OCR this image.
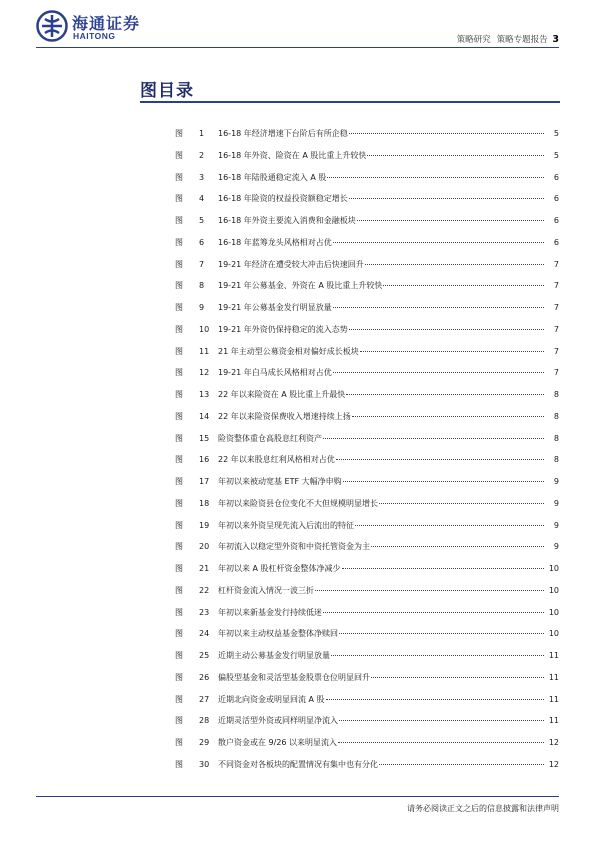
海通证券
HAITONG	策略研究 策略专题报告 3
图目录
图	1	16-18 年经济增速下台阶后有所企稳	5
图	2	16-18 年外资、险资在 A 股比重上升较快	5
图	3	16-18 年陆股通稳定流入 A 股	6
图	4	16-18 年险资的权益投资额稳定增长	6
图	5	16-18 年外资主要流入消费和金融板块	6
图	6	16-18 年蓝筹龙头风格相对占优	6
图	7	19-21 年经济在遭受较大冲击后快速回升	7
图	8	19-21 年公募基金、外资在 A 股比重上升较快	7
图	9	19-21 年公募基金发行明显放量	7
图	10	19-21 年外资仍保持稳定的流入态势	7
图	11	21 年主动型公募资金相对偏好成长板块	7
图	12	19-21 年白马成长风格相对占优	7
图	13	22 年以来险资在 A 股比重上升最快	8
图	14	22 年以来险资保费收入增速持续上扬	8
图	15	险资整体重仓高股息红利资产	8
图	16	22 年以来股息红利风格相对占优	8
图	17	年初以来被动宽基 ETF 大幅净申购	9
图	18	年初以来险资县仓位变化不大但规模明显增长	9
图	19	年初以来外资呈现先流入后流出的特征	9
图	20	年初流入以稳定型外资和中资托管资金为主	9
图	21	年初以来 A 股杠杆资金整体净减少	10
图	22	杠杆资金流入情况一波三折	10
图	23	年初以来新基金发行持续低迷	10
图	24	年初以来主动权益基金整体净赎回	10
图	25	近期主动公募基金发行明显放量	11
图	26	偏股型基金和灵活型基金股票仓位明显回升	11
图	27	近期北向资金或明显回流 A 股	11
图	28	近期灵活型外资或同样明显净流入	11
图	29	散户资金或在 9/26 以来明显流入	12
图	30	不同资金对各板块的配置情况有集中也有分化	12
请务必阅读正文之后的信息披露和法律声明
